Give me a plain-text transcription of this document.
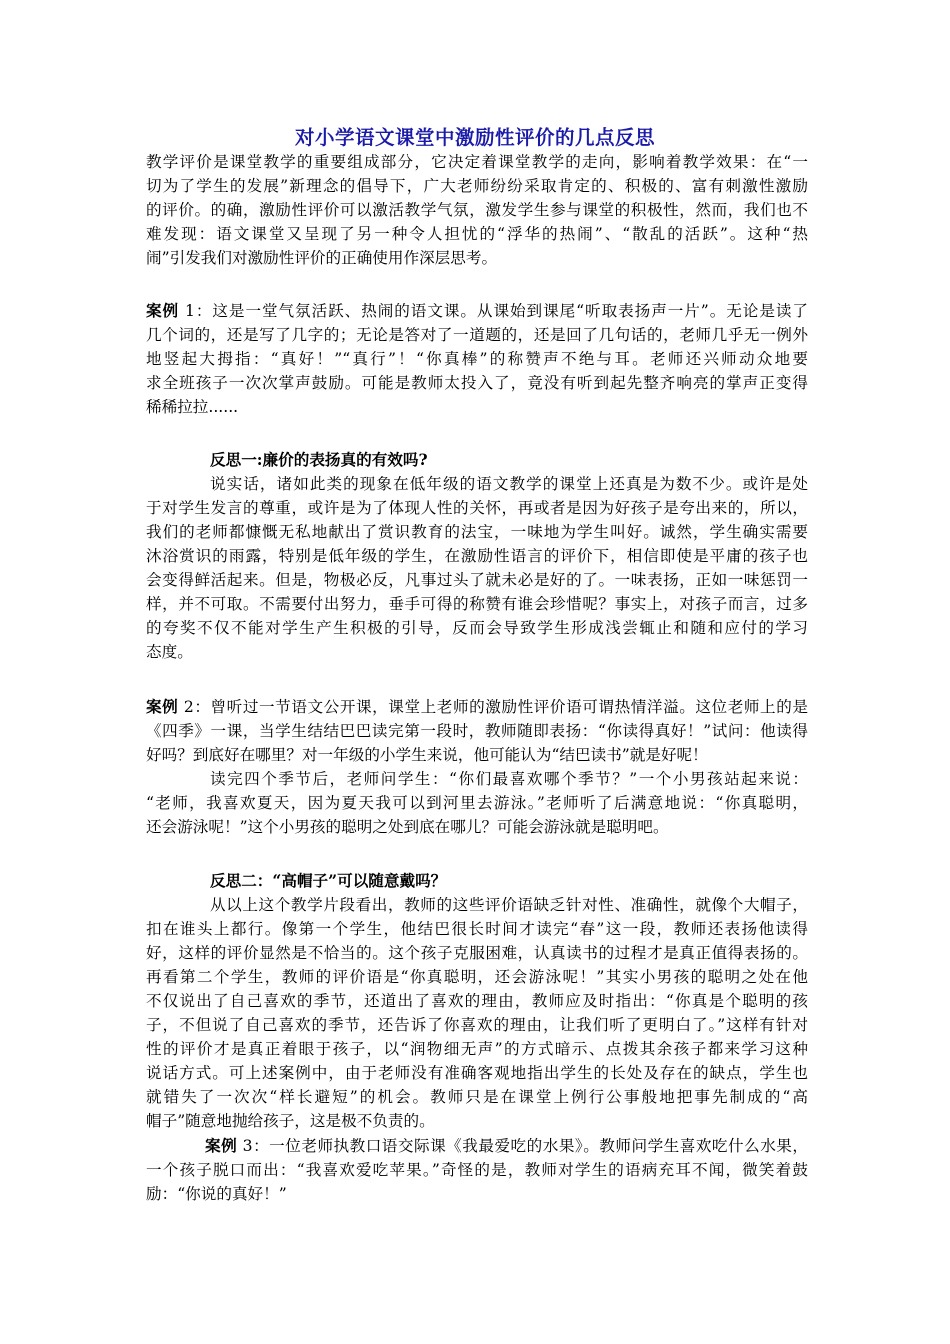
对小学语文课堂中激励性评价的几点反思
教学评价是课堂教学的重要组成部分，它决定着课堂教学的走向，影响着教学效果：在“一
切为了学生的发展”新理念的倡导下，广大老师纷纷采取肯定的、积极的、富有刺激性激励
的评价。的确，激励性评价可以激活教学气氛，激发学生参与课堂的积极性，然而，我们也不
难发现：语文课堂又呈现了另一种令人担忧的“浮华的热闹”、“散乱的活跃”。这种“热
闹”引发我们对激励性评价的正确使用作深层思考。
案例 1：这是一堂气氛活跃、热闹的语文课。从课始到课尾“听取表扬声一片”。无论是读了
几个词的，还是写了几字的；无论是答对了一道题的，还是回了几句话的，老师几乎无一例外
地竖起大拇指：“真好！”“真行”！“你真棒”的称赞声不绝与耳。老师还兴师动众地要
求全班孩子一次次掌声鼓励。可能是教师太投入了，竟没有听到起先整齐响亮的掌声正变得
稀稀拉拉......
反思一:廉价的表扬真的有效吗?
说实话，诸如此类的现象在低年级的语文教学的课堂上还真是为数不少。或许是处
于对学生发言的尊重，或许是为了体现人性的关怀，再或者是因为好孩子是夸出来的，所以，
我们的老师都慷慨无私地献出了赏识教育的法宝，一味地为学生叫好。诚然，学生确实需要
沐浴赏识的雨露，特别是低年级的学生，在激励性语言的评价下，相信即使是平庸的孩子也
会变得鲜活起来。但是，物极必反，凡事过头了就未必是好的了。一味表扬，正如一味惩罚一
样，并不可取。不需要付出努力，垂手可得的称赞有谁会珍惜呢？事实上，对孩子而言，过多
的夸奖不仅不能对学生产生积极的引导，反而会导致学生形成浅尝辄止和随和应付的学习
态度。
案例 2：曾听过一节语文公开课，课堂上老师的激励性评价语可谓热情洋溢。这位老师上的是
《四季》一课，当学生结结巴巴读完第一段时，教师随即表扬：“你读得真好！”试问：他读得
好吗？到底好在哪里？对一年级的小学生来说，他可能认为“结巴读书”就是好呢！
读完四个季节后，老师问学生：“你们最喜欢哪个季节？”一个小男孩站起来说：
“老师，我喜欢夏天，因为夏天我可以到河里去游泳。”老师听了后满意地说：“你真聪明，
还会游泳呢！”这个小男孩的聪明之处到底在哪儿？可能会游泳就是聪明吧。
反思二：“高帽子”可以随意戴吗？
从以上这个教学片段看出，教师的这些评价语缺乏针对性、准确性，就像个大帽子，
扣在谁头上都行。像第一个学生，他结巴很长时间才读完“春”这一段，教师还表扬他读得
好，这样的评价显然是不恰当的。这个孩子克服困难，认真读书的过程才是真正值得表扬的。
再看第二个学生，教师的评价语是“你真聪明，还会游泳呢！”其实小男孩的聪明之处在他
不仅说出了自己喜欢的季节，还道出了喜欢的理由，教师应及时指出：“你真是个聪明的孩
子，不但说了自己喜欢的季节，还告诉了你喜欢的理由，让我们听了更明白了。”这样有针对
性的评价才是真正着眼于孩子，以“润物细无声”的方式暗示、点拨其余孩子都来学习这种
说话方式。可上述案例中，由于老师没有准确客观地指出学生的长处及存在的缺点，学生也
就错失了一次次“样长避短”的机会。教师只是在课堂上例行公事般地把事先制成的“高
帽子”随意地抛给孩子，这是极不负责的。
案例 3：一位老师执教口语交际课《我最爱吃的水果》。教师问学生喜欢吃什么水果，
一个孩子脱口而出：“我喜欢爱吃苹果。”奇怪的是，教师对学生的语病充耳不闻，微笑着鼓
励：“你说的真好！”
